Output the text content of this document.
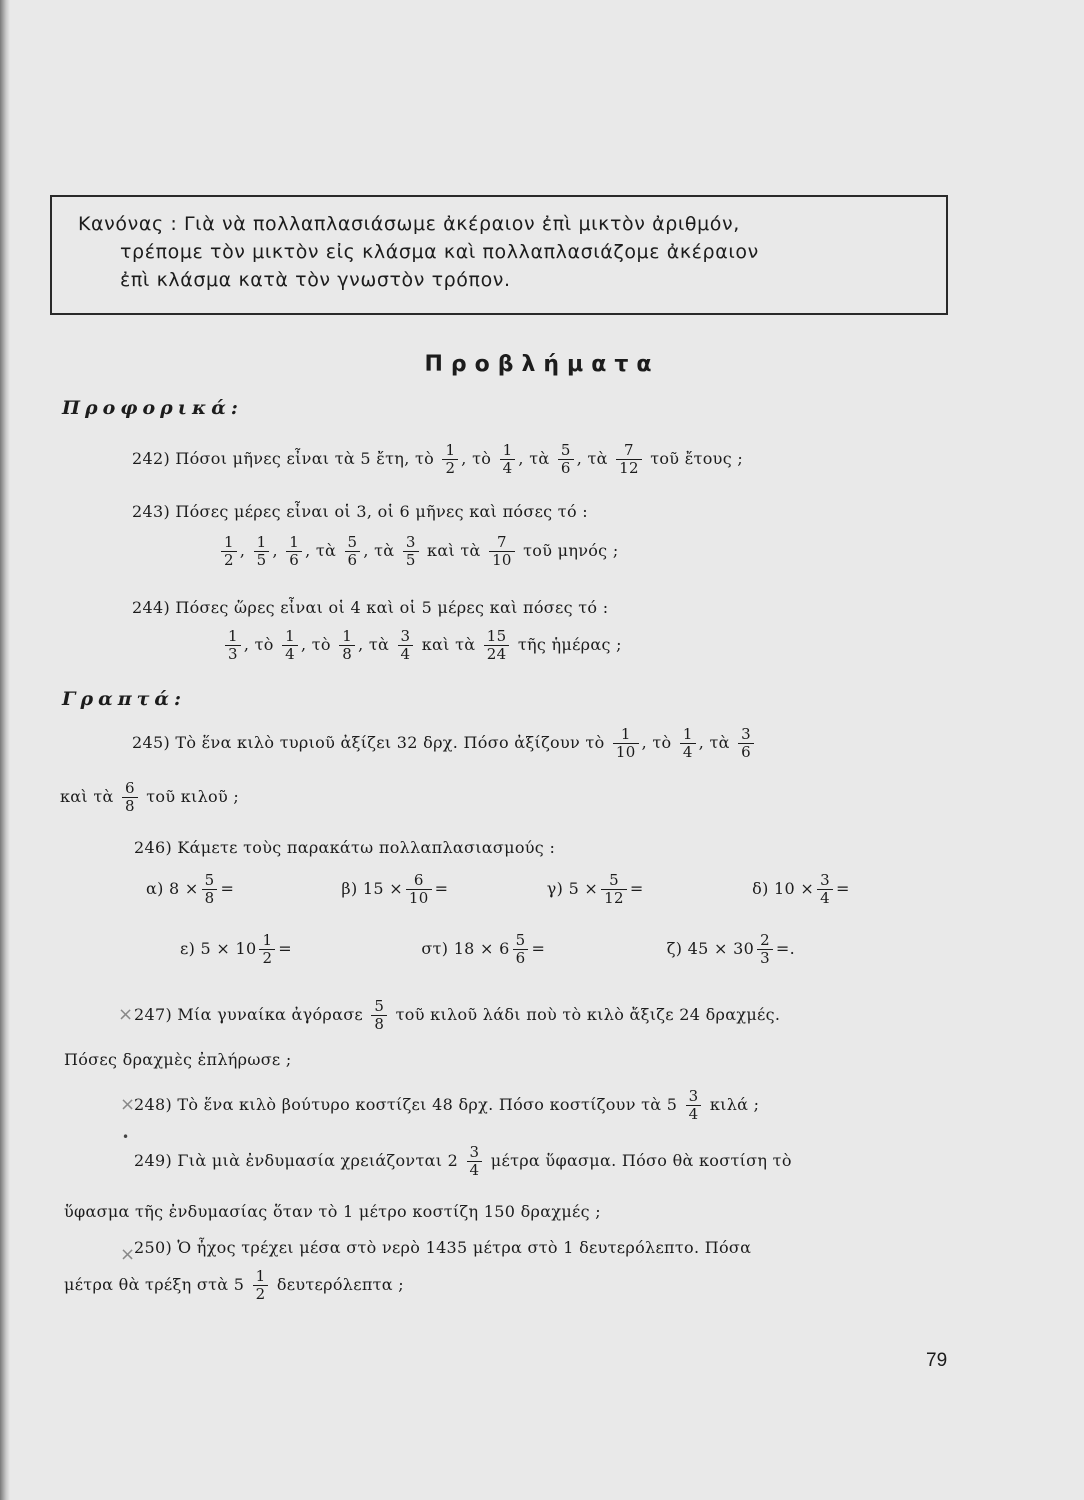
Κανόνας : Γιὰ νὰ πολλαπλασιάσωμε ἀκέραιον ἐπὶ μικτὸν ἀριθμόν,
τρέπομε τὸν μικτὸν εἰς κλάσμα καὶ πολλαπλασιάζομε ἀκέραιον
ἐπὶ κλάσμα κατὰ τὸν γνωστὸν τρόπον.
Προβλήματα
Προφορικά:
242) Πόσοι μῆνες εἶναι τὰ 5 ἔτη, τὸ $\frac{1}{2}$ , τὸ $\frac{1}{4}$ , τὰ $\frac{5}{6}$ , τὰ $\frac{7}{12}$ τοῦ ἔτους ;
243) Πόσες μέρες εἶναι οἱ 3, οἱ 6 μῆνες καὶ πόσες τό :
$\frac{1}{2}$ , $\frac{1}{5}$ , $\frac{1}{6}$ , τὰ $\frac{5}{6}$ , τὰ $\frac{3}{5}$ καὶ τὰ $\frac{7}{10}$ τοῦ μηνός ;
244) Πόσες ὥρες εἶναι οἱ 4 καὶ οἱ 5 μέρες καὶ πόσες τό :
$\frac{1}{3}$ , τὸ $\frac{1}{4}$ , τὸ $\frac{1}{8}$ , τὰ $\frac{3}{4}$ καὶ τὰ $\frac{15}{24}$ τῆς ἡμέρας ;
Γραπτά:
245) Τὸ ἕνα κιλὸ τυριοῦ ἀξίζει 32 δρχ. Πόσο ἀξίζουν τὸ $\frac{1}{10}$ , τὸ $\frac{1}{4}$ , τὰ $\frac{3}{6}$
καὶ τὰ $\frac{6}{8}$ τοῦ κιλοῦ ;
246) Κάμετε τοὺς παρακάτω πολλαπλασιασμούς :
α) $8 \times \frac{5}{8}$ =	β) $15 \times \frac{6}{10}$ =	γ) $5 \times \frac{5}{12}$ =	δ) $10 \times \frac{3}{4}$ =
ε) $5 \times 10 \frac{1}{2}$ =	στ) $18 \times 6 \frac{5}{6}$ =	ζ) $45 \times 30 \frac{2}{3}$ =.
× 247) Μία γυναίκα ἀγόρασε $\frac{5}{8}$ τοῦ κιλοῦ λάδι ποὺ τὸ κιλὸ ἄξιζε 24 δραχμές.
Πόσες δραχμὲς ἐπλήρωσε ;
×
248) Τὸ ἕνα κιλὸ βούτυρο κοστίζει 48 δρχ. Πόσο κοστίζουν τὰ $5 \frac{3}{4}$ κιλά ;
•
249) Γιὰ μιὰ ἐνδυμασία χρειάζονται $2 \frac{3}{4}$ μέτρα ὕφασμα. Πόσο θὰ κοστίση τὸ
ὕφασμα τῆς ἐνδυμασίας ὅταν τὸ 1 μέτρο κοστίζη 150 δραχμές ;
×
250) Ὁ ἦχος τρέχει μέσα στὸ νερὸ 1435 μέτρα στὸ 1 δευτερόλεπτο. Πόσα
μέτρα θὰ τρέξη στὰ $5 \frac{1}{2}$ δευτερόλεπτα ;
79
